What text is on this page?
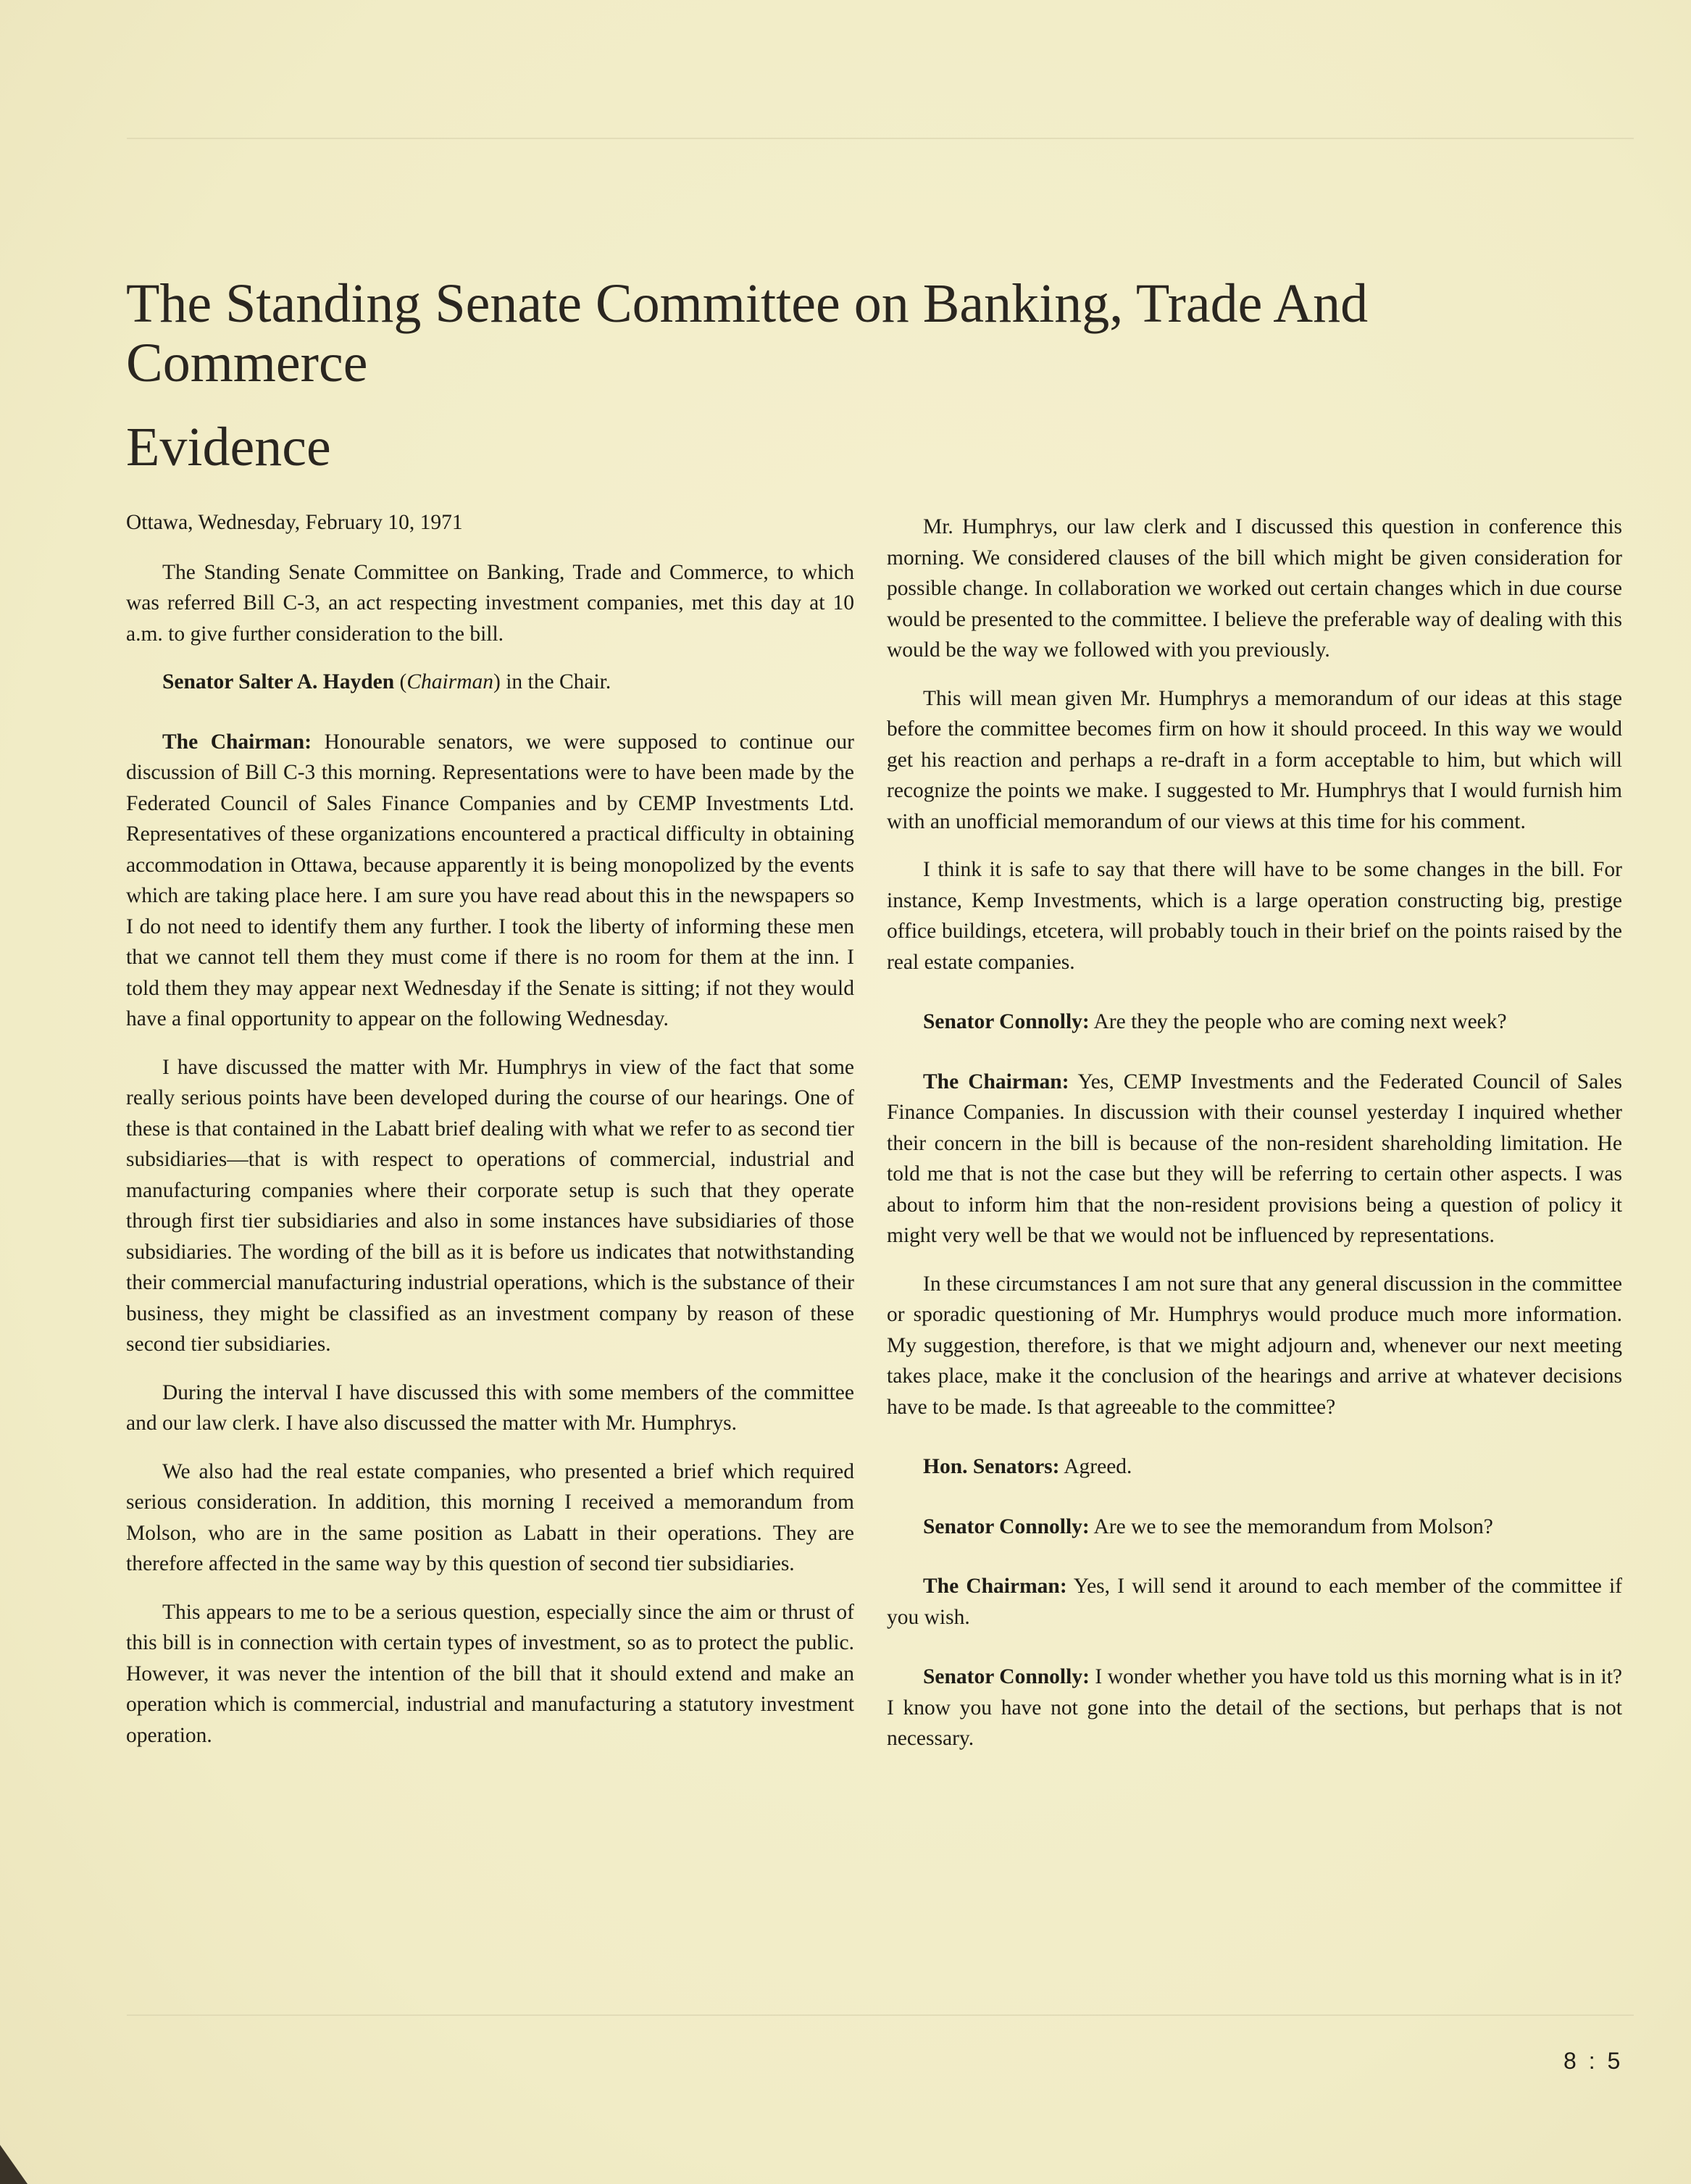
The Standing Senate Committee on Banking, Trade And Commerce
Evidence

Ottawa, Wednesday, February 10, 1971

The Standing Senate Committee on Banking, Trade and Commerce, to which was referred Bill C-3, an act respecting investment companies, met this day at 10 a.m. to give further consideration to the bill.

Senator Salter A. Hayden (Chairman) in the Chair.

The Chairman: Honourable senators, we were supposed to continue our discussion of Bill C-3 this morning. Representations were to have been made by the Federated Council of Sales Finance Companies and by CEMP Investments Ltd. Representatives of these organizations encountered a practical difficulty in obtaining accommodation in Ottawa, because apparently it is being monopolized by the events which are taking place here. I am sure you have read about this in the newspapers so I do not need to identify them any further. I took the liberty of informing these men that we cannot tell them they must come if there is no room for them at the inn. I told them they may appear next Wednesday if the Senate is sitting; if not they would have a final opportunity to appear on the following Wednesday.

I have discussed the matter with Mr. Humphrys in view of the fact that some really serious points have been developed during the course of our hearings. One of these is that contained in the Labatt brief dealing with what we refer to as second tier subsidiaries—that is with respect to operations of commercial, industrial and manufacturing companies where their corporate setup is such that they operate through first tier subsidiaries and also in some instances have subsidiaries of those subsidiaries. The wording of the bill as it is before us indicates that notwithstanding their commercial manufacturing industrial operations, which is the substance of their business, they might be classified as an investment company by reason of these second tier subsidiaries.

During the interval I have discussed this with some members of the committee and our law clerk. I have also discussed the matter with Mr. Humphrys.

We also had the real estate companies, who presented a brief which required serious consideration. In addition, this morning I received a memorandum from Molson, who are in the same position as Labatt in their operations. They are therefore affected in the same way by this question of second tier subsidiaries.

This appears to me to be a serious question, especially since the aim or thrust of this bill is in connection with certain types of investment, so as to protect the public. However, it was never the intention of the bill that it should extend and make an operation which is commercial, industrial and manufacturing a statutory investment operation.

Mr. Humphrys, our law clerk and I discussed this question in conference this morning. We considered clauses of the bill which might be given consideration for possible change. In collaboration we worked out certain changes which in due course would be presented to the committee. I believe the preferable way of dealing with this would be the way we followed with you previously.

This will mean given Mr. Humphrys a memorandum of our ideas at this stage before the committee becomes firm on how it should proceed. In this way we would get his reaction and perhaps a re-draft in a form acceptable to him, but which will recognize the points we make. I suggested to Mr. Humphrys that I would furnish him with an unofficial memorandum of our views at this time for his comment.

I think it is safe to say that there will have to be some changes in the bill. For instance, Kemp Investments, which is a large operation constructing big, prestige office buildings, etcetera, will probably touch in their brief on the points raised by the real estate companies.

Senator Connolly: Are they the people who are coming next week?

The Chairman: Yes, CEMP Investments and the Federated Council of Sales Finance Companies. In discussion with their counsel yesterday I inquired whether their concern in the bill is because of the non-resident shareholding limitation. He told me that is not the case but they will be referring to certain other aspects. I was about to inform him that the non-resident provisions being a question of policy it might very well be that we would not be influenced by representations.

In these circumstances I am not sure that any general discussion in the committee or sporadic questioning of Mr. Humphrys would produce much more information. My suggestion, therefore, is that we might adjourn and, whenever our next meeting takes place, make it the conclusion of the hearings and arrive at whatever decisions have to be made. Is that agreeable to the committee?

Hon. Senators: Agreed.

Senator Connolly: Are we to see the memorandum from Molson?

The Chairman: Yes, I will send it around to each member of the committee if you wish.

Senator Connolly: I wonder whether you have told us this morning what is in it? I know you have not gone into the detail of the sections, but perhaps that is not necessary.

8 : 5
